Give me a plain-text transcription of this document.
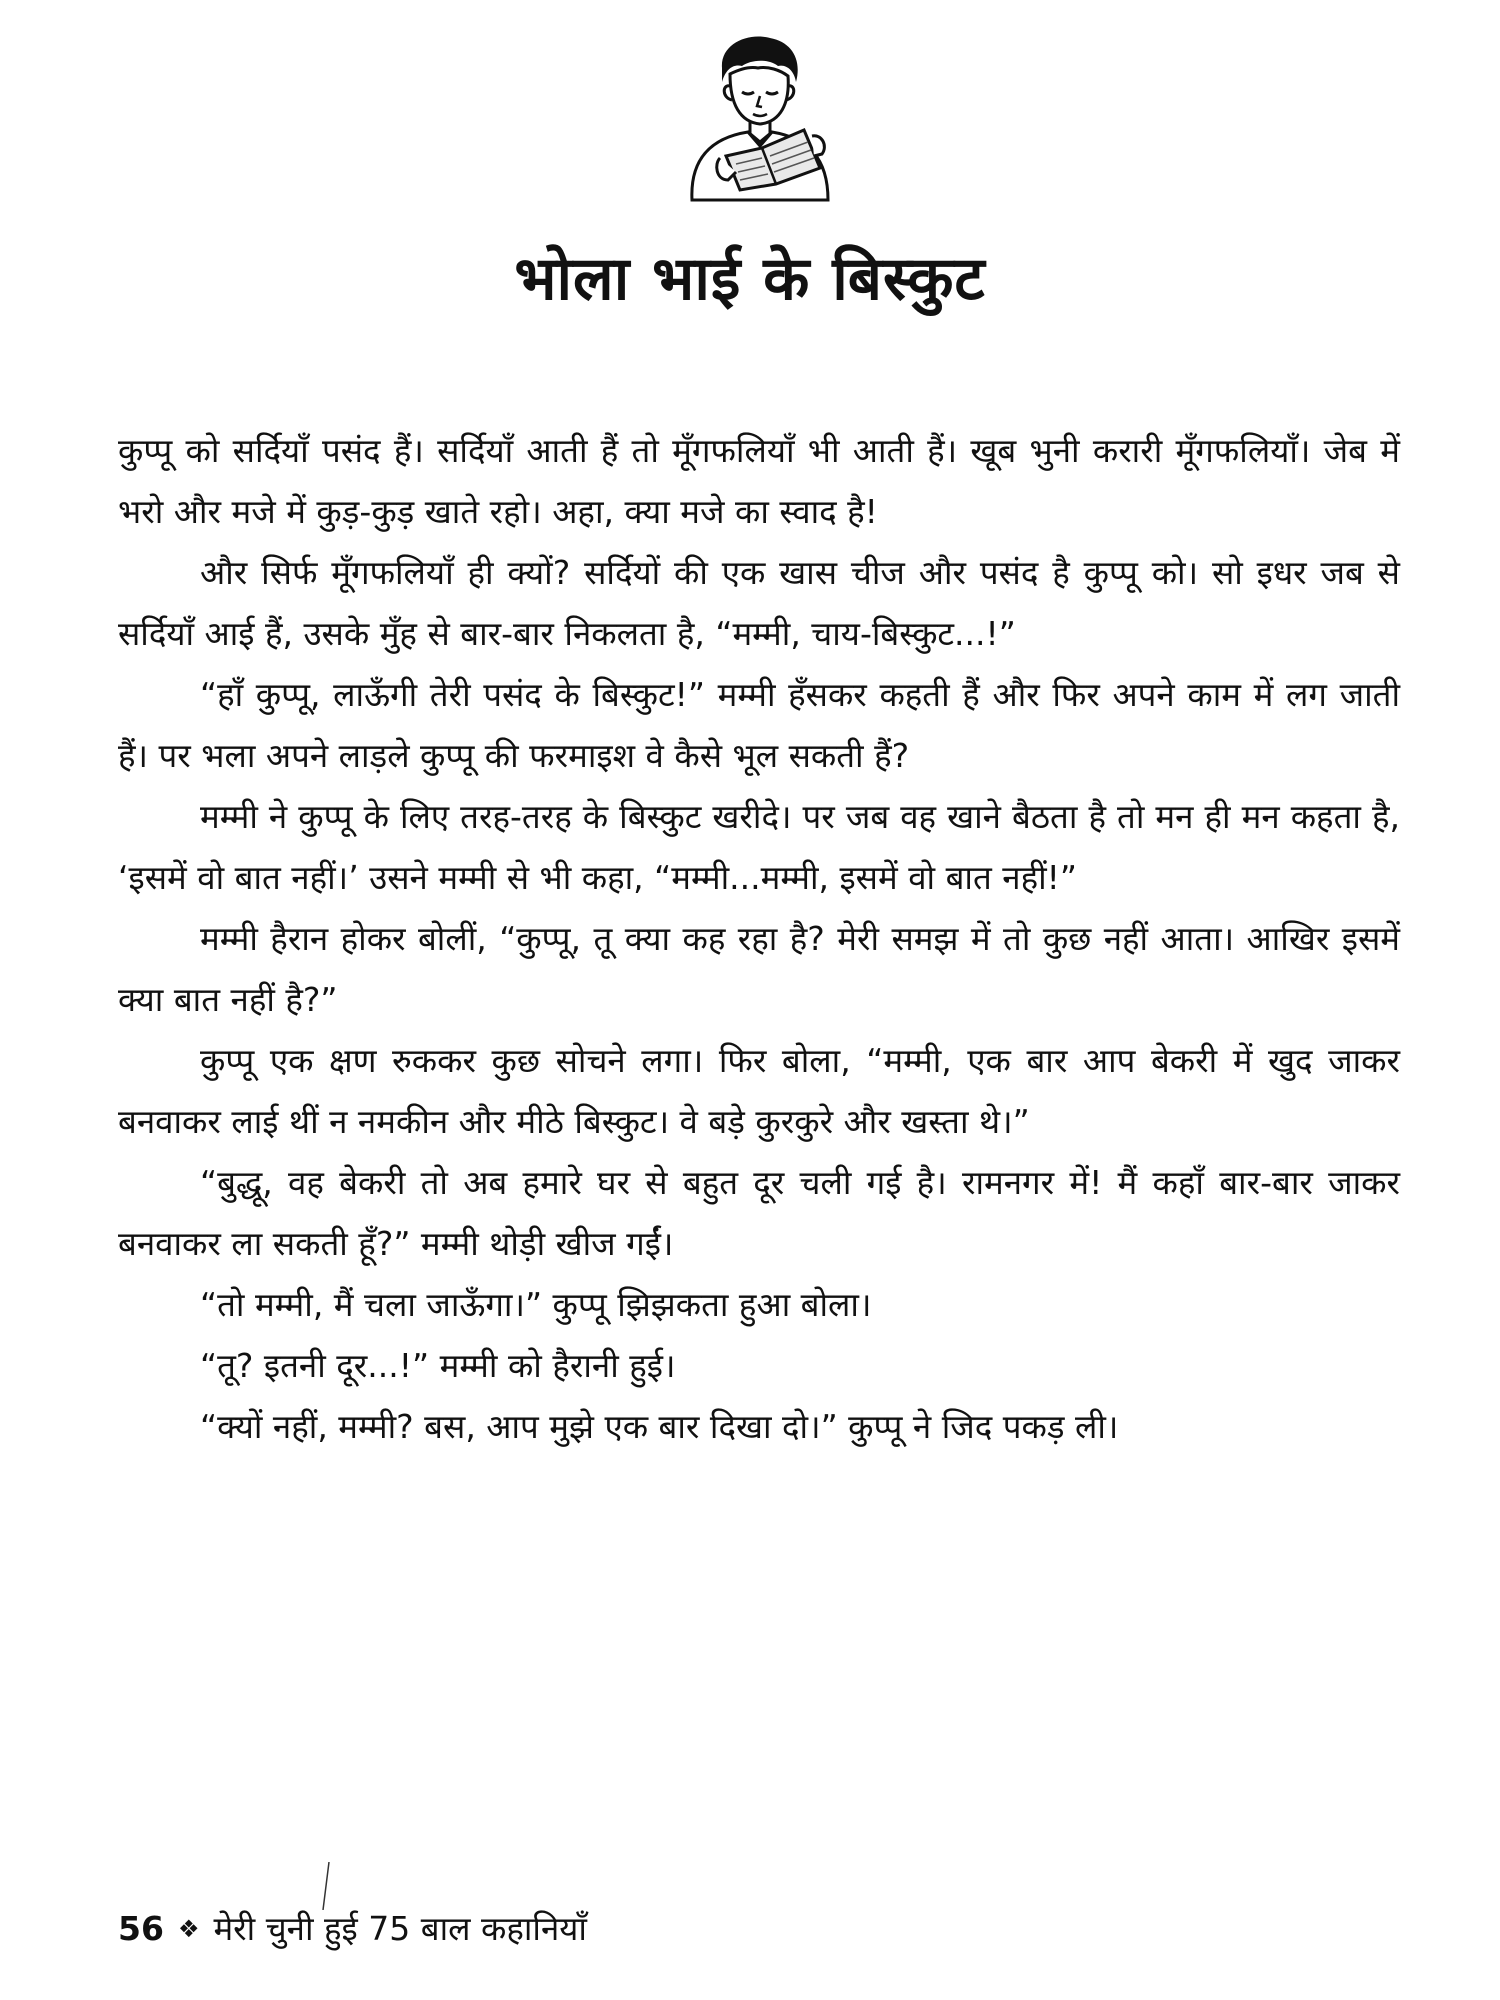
भोला भाई के बिस्कुट

कुप्पू को सर्दियाँ पसंद हैं। सर्दियाँ आती हैं तो मूँगफलियाँ भी आती हैं। खूब भुनी करारी मूँगफलियाँ। जेब में भरो और मजे में कुड़-कुड़ खाते रहो। अहा, क्या मजे का स्वाद है!

और सिर्फ मूँगफलियाँ ही क्यों? सर्दियों की एक खास चीज और पसंद है कुप्पू को। सो इधर जब से सर्दियाँ आई हैं, उसके मुँह से बार-बार निकलता है, “मम्मी, चाय-बिस्कुट...!”

“हाँ कुप्पू, लाऊँगी तेरी पसंद के बिस्कुट!” मम्मी हँसकर कहती हैं और फिर अपने काम में लग जाती हैं। पर भला अपने लाड़ले कुप्पू की फरमाइश वे कैसे भूल सकती हैं?

मम्मी ने कुप्पू के लिए तरह-तरह के बिस्कुट खरीदे। पर जब वह खाने बैठता है तो मन ही मन कहता है, ‘इसमें वो बात नहीं।’ उसने मम्मी से भी कहा, “मम्मी...मम्मी, इसमें वो बात नहीं!”

मम्मी हैरान होकर बोलीं, “कुप्पू, तू क्या कह रहा है? मेरी समझ में तो कुछ नहीं आता। आखिर इसमें क्या बात नहीं है?”

कुप्पू एक क्षण रुककर कुछ सोचने लगा। फिर बोला, “मम्मी, एक बार आप बेकरी में खुद जाकर बनवाकर लाई थीं न नमकीन और मीठे बिस्कुट। वे बड़े कुरकुरे और खस्ता थे।”

“बुद्धू, वह बेकरी तो अब हमारे घर से बहुत दूर चली गई है। रामनगर में! मैं कहाँ बार-बार जाकर बनवाकर ला सकती हूँ?” मम्मी थोड़ी खीज गईं।

“तो मम्मी, मैं चला जाऊँगा।” कुप्पू झिझकता हुआ बोला।

“तू? इतनी दूर...!” मम्मी को हैरानी हुई।

“क्यों नहीं, मम्मी? बस, आप मुझे एक बार दिखा दो।” कुप्पू ने जिद पकड़ ली।

56 ❖ मेरी चुनी हुई 75 बाल कहानियाँ
